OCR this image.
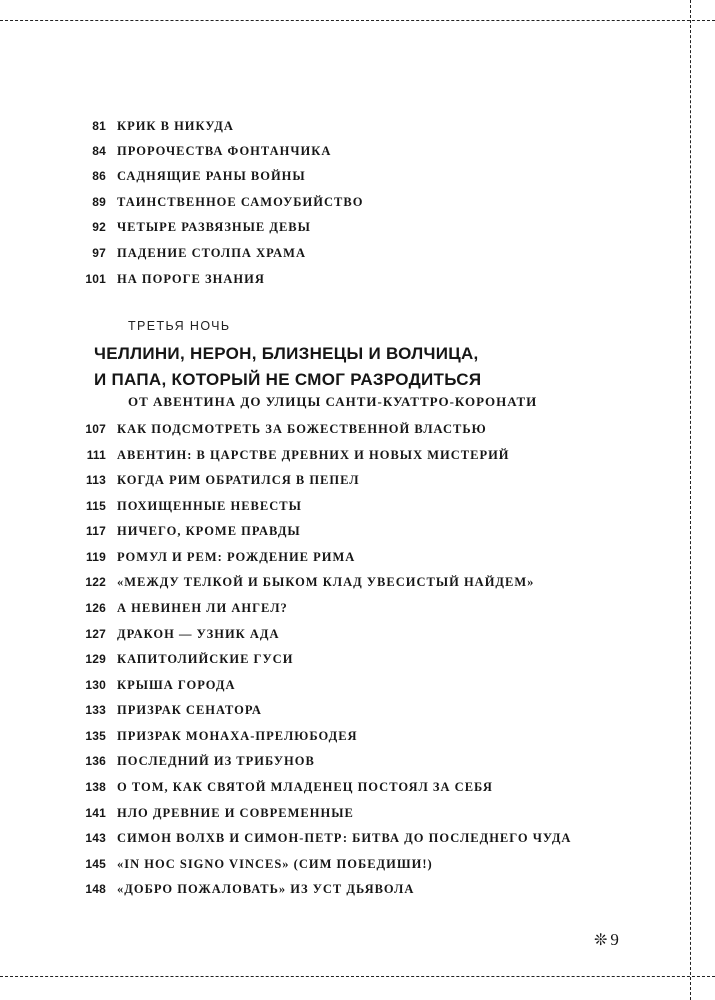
81 КРИК В НИКУДА
84 ПРОРОЧЕСТВА ФОНТАНЧИКА
86 САДНЯЩИЕ РАНЫ ВОЙНЫ
89 ТАИНСТВЕННОЕ САМОУБИЙСТВО
92 ЧЕТЫРЕ РАЗВЯЗНЫЕ ДЕВЫ
97 ПАДЕНИЕ СТОЛПА ХРАМА
101 НА ПОРОГЕ ЗНАНИЯ
ТРЕТЬЯ НОЧЬ
ЧЕЛЛИНИ, НЕРОН, БЛИЗНЕЦЫ И ВОЛЧИЦА,
И ПАПА, КОТОРЫЙ НЕ СМОГ РАЗРОДИТЬСЯ
ОТ АВЕНТИНА ДО УЛИЦЫ САНТИ-КУАТТРО-КОРОНАТИ
107 КАК ПОДСМОТРЕТЬ ЗА БОЖЕСТВЕННОЙ ВЛАСТЬЮ
111 АВЕНТИН: В ЦАРСТВЕ ДРЕВНИХ И НОВЫХ МИСТЕРИЙ
113 КОГДА РИМ ОБРАТИЛСЯ В ПЕПЕЛ
115 ПОХИЩЕННЫЕ НЕВЕСТЫ
117 НИЧЕГО, КРОМЕ ПРАВДЫ
119 РОМУЛ И РЕМ: РОЖДЕНИЕ РИМА
122 «МЕЖДУ ТЕЛКОЙ И БЫКОМ КЛАД УВЕСИСТЫЙ НАЙДЕМ»
126 А НЕВИНЕН ЛИ АНГЕЛ?
127 ДРАКОН — УЗНИК АДА
129 КАПИТОЛИЙСКИЕ ГУСИ
130 КРЫША ГОРОДА
133 ПРИЗРАК СЕНАТОРА
135 ПРИЗРАК МОНАХА-ПРЕЛЮБОДЕЯ
136 ПОСЛЕДНИЙ ИЗ ТРИБУНОВ
138 О ТОМ, КАК СВЯТОЙ МЛАДЕНЕЦ ПОСТОЯЛ ЗА СЕБЯ
141 НЛО ДРЕВНИЕ И СОВРЕМЕННЫЕ
143 СИМОН ВОЛХВ И СИМОН-ПЕТР: БИТВА ДО ПОСЛЕДНЕГО ЧУДА
145 «IN HOC SIGNO VINCES» (СИМ ПОБЕДИШИ!)
148 «ДОБРО ПОЖАЛОВАТЬ» ИЗ УСТ ДЬЯВОЛА
❊ 9
